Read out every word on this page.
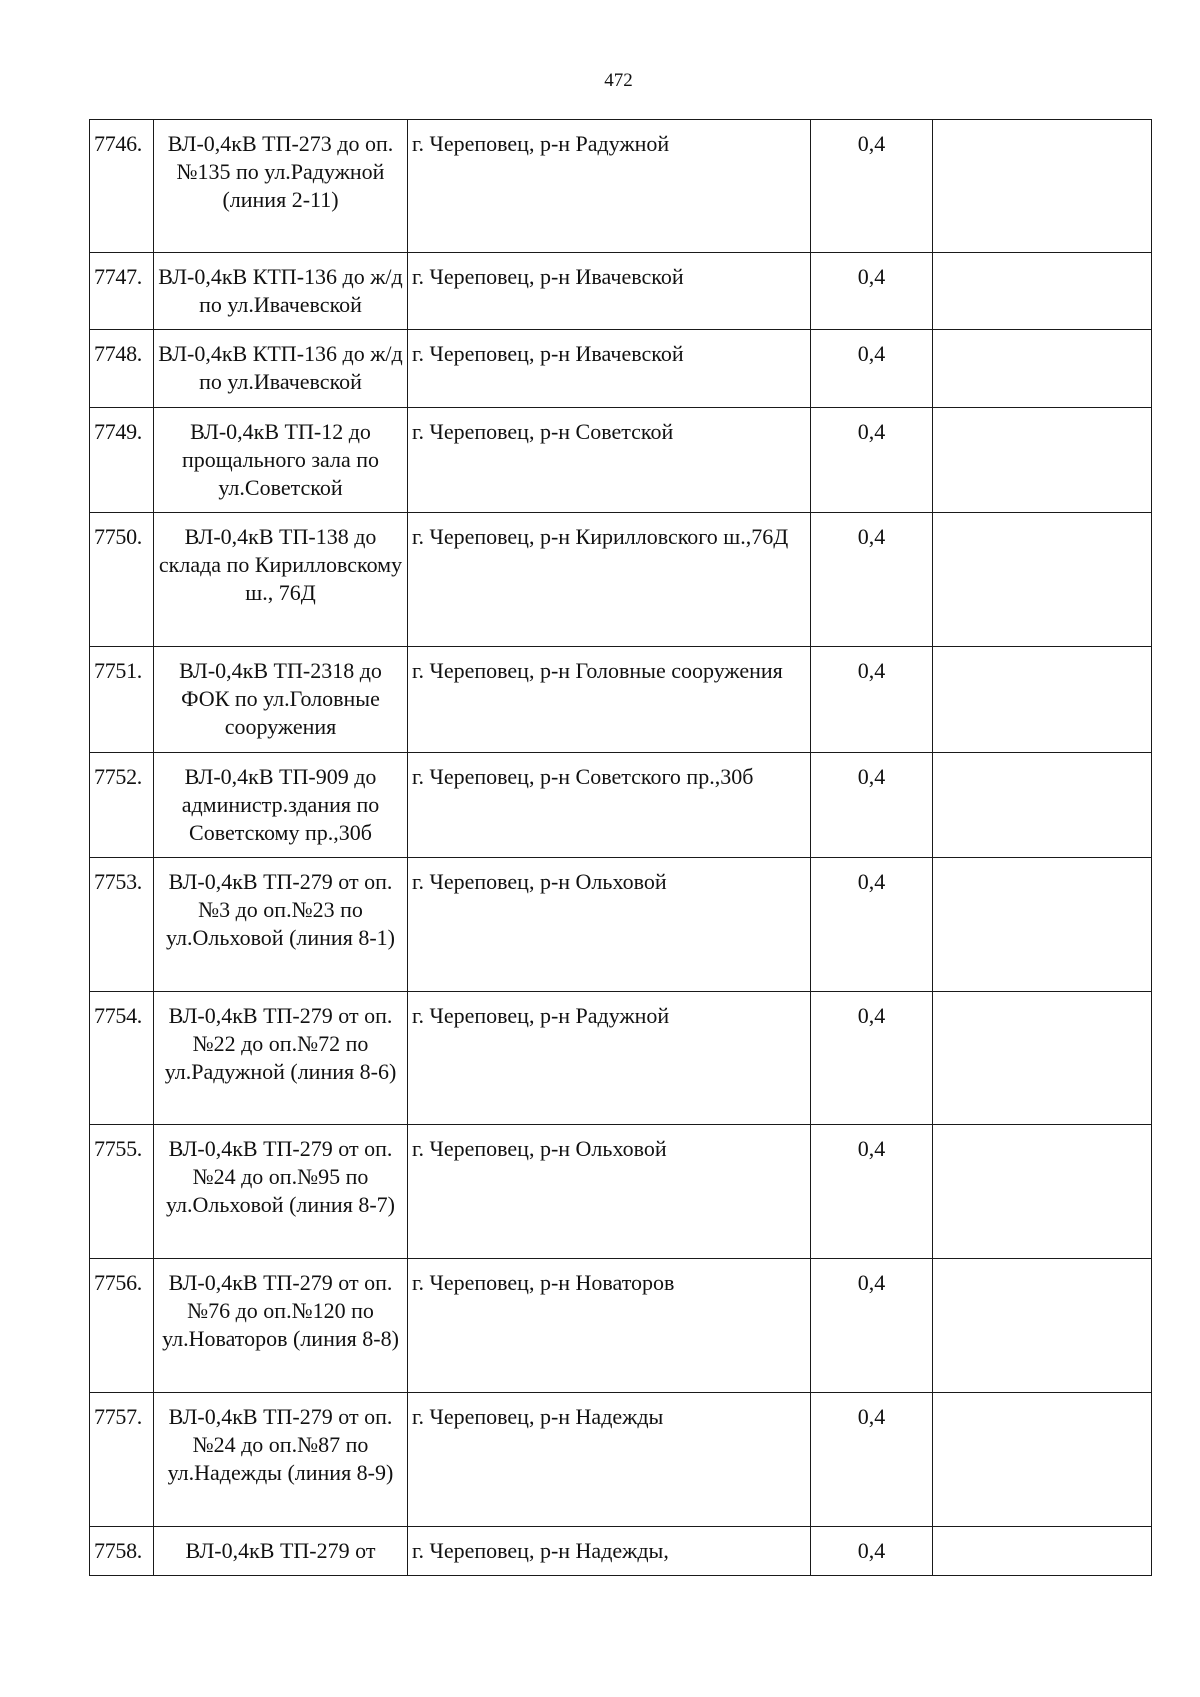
472
7746.	ВЛ-0,4кВ ТП-273 до оп.№135 по ул.Радужной (линия 2-11)	г. Череповец, р-н Радужной	0,4	
7747.	ВЛ-0,4кВ КТП-136 до ж/д по ул.Ивачевской	г. Череповец, р-н Ивачевской	0,4	
7748.	ВЛ-0,4кВ КТП-136 до ж/д по ул.Ивачевской	г. Череповец, р-н Ивачевской	0,4	
7749.	ВЛ-0,4кВ ТП-12 до прощального зала по ул.Советской	г. Череповец, р-н Советской	0,4	
7750.	ВЛ-0,4кВ ТП-138 до склада по Кирилловскому ш., 76Д	г. Череповец, р-н Кирилловского ш.,76Д	0,4	
7751.	ВЛ-0,4кВ ТП-2318 до ФОК по ул.Головные сооружения	г. Череповец, р-н Головные сооружения	0,4	
7752.	ВЛ-0,4кВ ТП-909 до администр.здания по Советскому пр.,30б	г. Череповец, р-н Советского пр.,30б	0,4	
7753.	ВЛ-0,4кВ ТП-279 от оп.№3 до оп.№23 по ул.Ольховой (линия 8-1)	г. Череповец, р-н Ольховой	0,4	
7754.	ВЛ-0,4кВ ТП-279 от оп.№22 до оп.№72 по ул.Радужной (линия 8-6)	г. Череповец, р-н Радужной	0,4	
7755.	ВЛ-0,4кВ ТП-279 от оп.№24 до оп.№95 по ул.Ольховой (линия 8-7)	г. Череповец, р-н Ольховой	0,4	
7756.	ВЛ-0,4кВ ТП-279 от оп.№76 до оп.№120 по ул.Новаторов (линия 8-8)	г. Череповец, р-н Новаторов	0,4	
7757.	ВЛ-0,4кВ ТП-279 от оп.№24 до оп.№87 по ул.Надежды (линия 8-9)	г. Череповец, р-н Надежды	0,4	
7758.	ВЛ-0,4кВ ТП-279 от	г. Череповец, р-н Надежды,	0,4	
